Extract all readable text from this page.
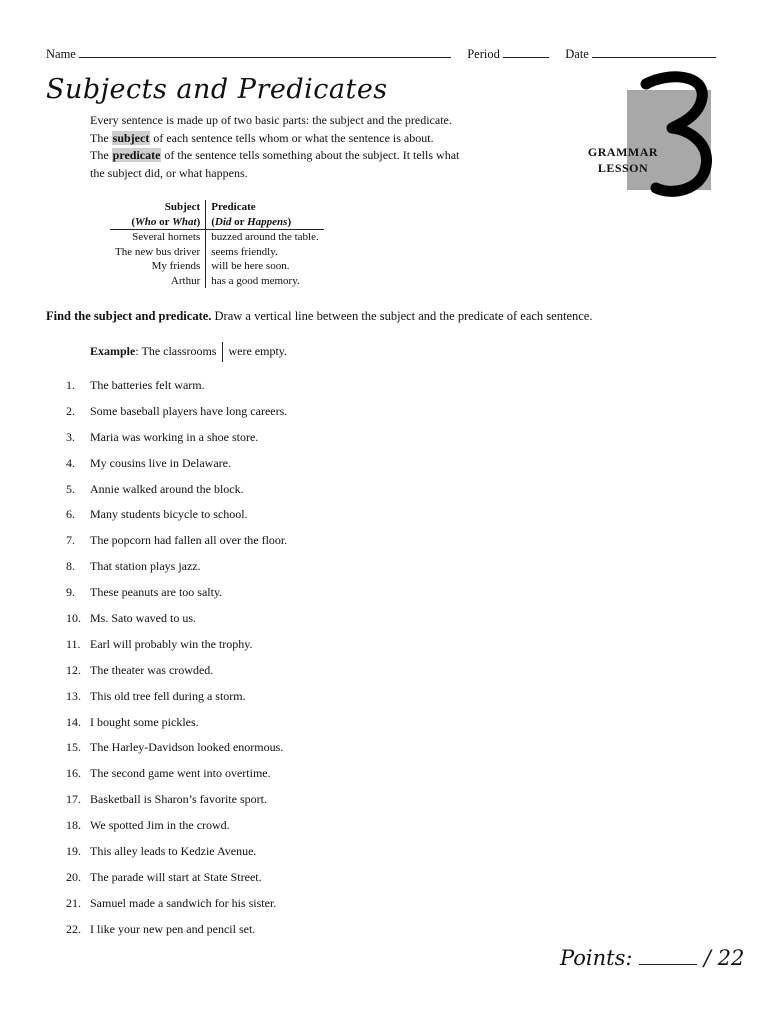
Name	Period	Date
Subjects and Predicates
GRAMMAR
LESSON

Every sentence is made up of two basic parts: the subject and the predicate.

The subject of each sentence tells whom or what the sentence is about.

The predicate of the sentence tells something about the subject. It tells what

the subject did, or what happens.

Subject	Predicate
(Who or What)	(Did or Happens)
Several hornets	buzzed around the table.
The new bus driver	seems friendly.
My friends	will be here soon.
Arthur	has a good memory.
Find the subject and predicate. Draw a vertical line between the subject and the predicate of each sentence.
Example: The classrooms were empty.
1.	The batteries felt warm.
2.	Some baseball players have long careers.
3.	Maria was working in a shoe store.
4.	My cousins live in Delaware.
5.	Annie walked around the block.
6.	Many students bicycle to school.
7.	The popcorn had fallen all over the floor.
8.	That station plays jazz.
9.	These peanuts are too salty.
10. Ms. Sato waved to us.
11. Earl will probably win the trophy.
12. The theater was crowded.
13. This old tree fell during a storm.
14. I bought some pickles.
15. The Harley-Davidson looked enormous.
16. The second game went into overtime.
17. Basketball is Sharon’s favorite sport.
18. We spotted Jim in the crowd.
19. This alley leads to Kedzie Avenue.
20. The parade will start at State Street.
21. Samuel made a sandwich for his sister.
22. I like your new pen and pencil set.
Points:	/ 22
